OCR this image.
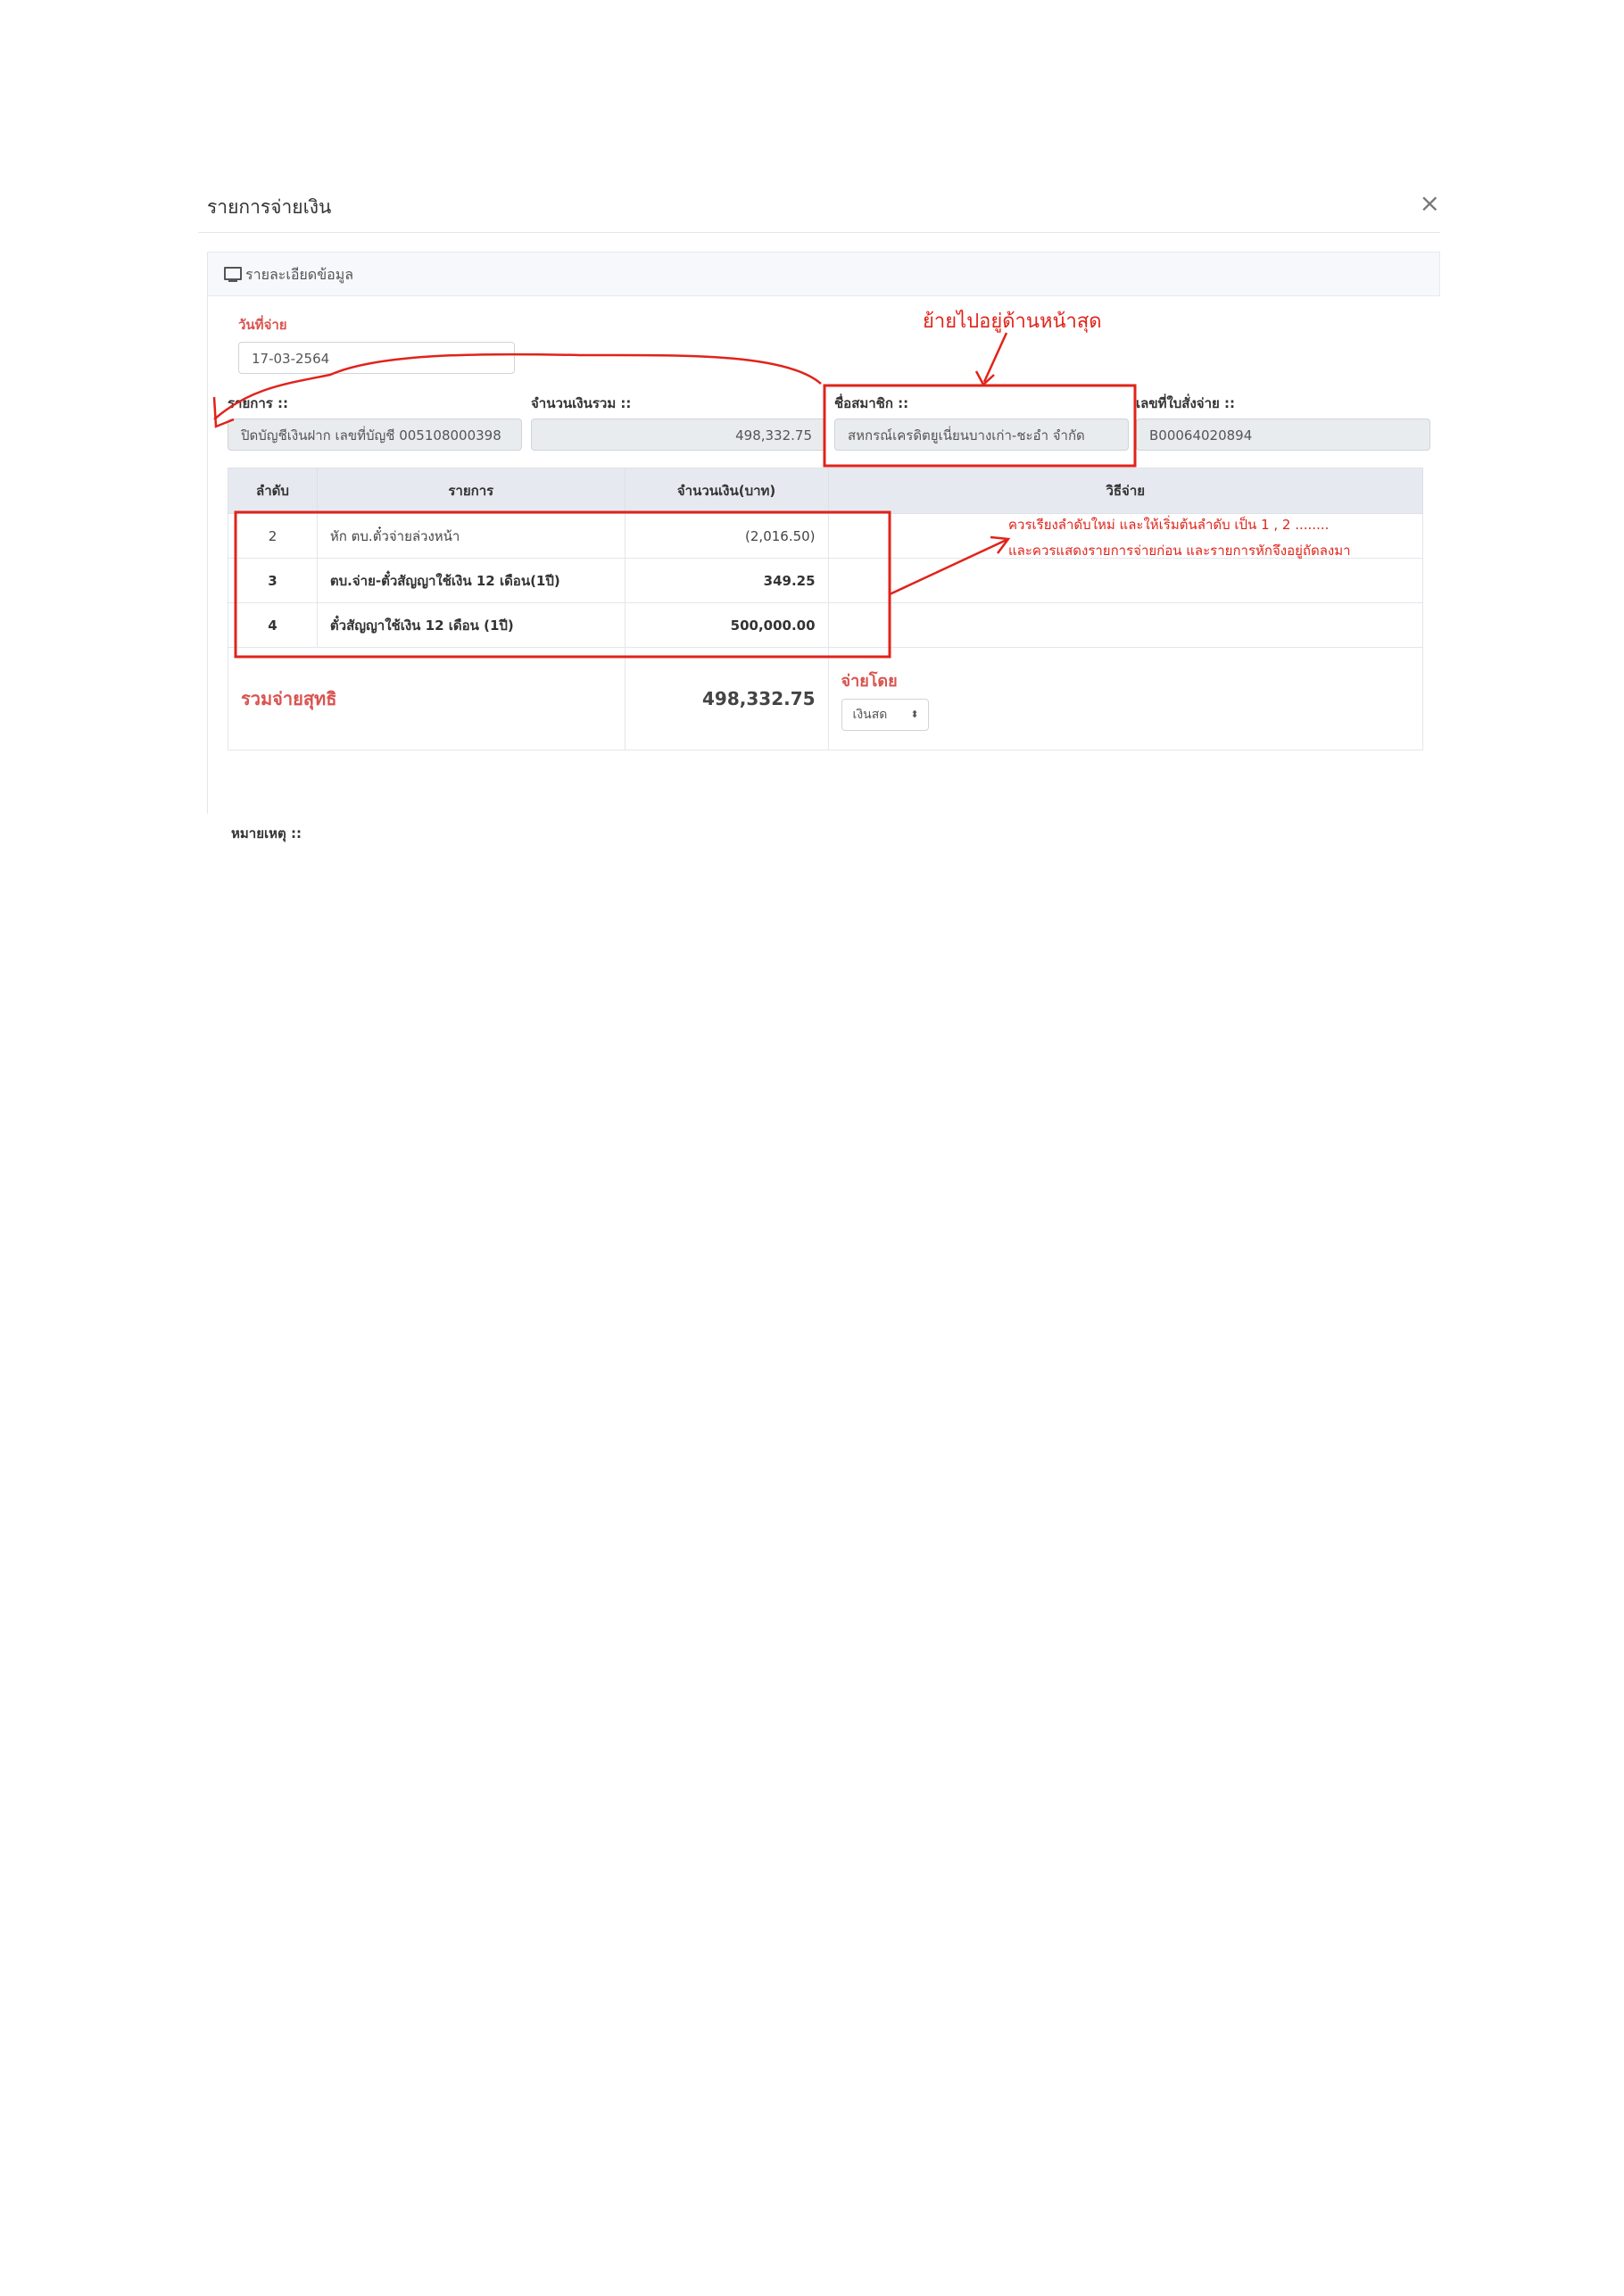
รายการจ่ายเงิน	×
รายละเอียดข้อมูล
วันที่จ่าย
17-03-2564
รายการ ::
ปิดบัญชีเงินฝาก เลขที่บัญชี 005108000398
จำนวนเงินรวม ::
498,332.75
ชื่อสมาชิก ::
สหกรณ์เครดิตยูเนี่ยนบางเก่า-ชะอำ จำกัด
เลขที่ใบสั่งจ่าย ::
B00064020894
ลำดับ	รายการ	จำนวนเงิน(บาท)	วิธีจ่าย
2	หัก ตบ.ตั๋วจ่ายล่วงหน้า	(2,016.50)	
3	ตบ.จ่าย-ตั๋วสัญญาใช้เงิน 12 เดือน(1ปี)	349.25	
4	ตั๋วสัญญาใช้เงิน 12 เดือน (1ปี)	500,000.00	
รวมจ่ายสุทธิ		498,332.75	จ่ายโดย
เงินสด ⬍
หมายเหตุ ::
ย้ายไปอยู่ด้านหน้าสุด
ควรเรียงลำดับใหม่ และให้เริ่มต้นลำดับ เป็น 1 , 2 ........
และควรแสดงรายการจ่ายก่อน และรายการหักจึงอยู่ถัดลงมา
